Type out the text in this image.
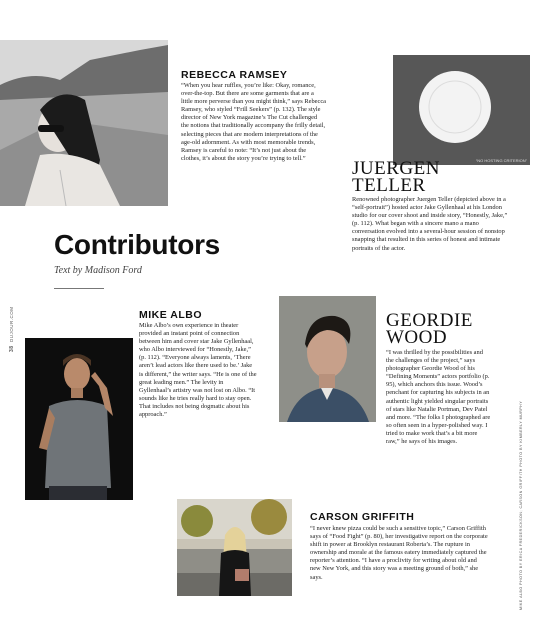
REBECCA RAMSEY
“When you hear ruffles, you’re like: Okay, romance, over-the-top. But there are some garments that are a little more perverse than you might think,” says Rebecca Ramsey, who styled “Frill Seekers” (p. 132). The style director of New York magazine’s The Cut challenged the notions that traditionally accompany the frilly detail, selecting pieces that are modern interpretations of the age-old adornment. As with most memorable trends, Ramsey is careful to note: “It’s not just about the clothes, it’s about the story you’re trying to tell.”	“NO HOSTING CRITERION”
JUERGEN TELLER
Renowned photographer Juergen Teller (depicted above in a “self-portrait”) hosted actor Jake Gyllenhaal at his London studio for our cover shoot and inside story, “Honestly, Jake,” (p. 112). What began with a sincere mano a mano conversation evolved into a several-hour session of nonstop snapping that resulted in this series of honest and intimate portraits of the actor.
Contributors
Text by Madison Ford
38
DUJOUR.COM	MIKE ALBO
Mike Albo’s own experience in theater provided an instant point of connection between him and cover star Jake Gyllenhaal, who Albo interviewed for “Honestly, Jake,” (p. 112). “Everyone always laments, ‘There aren’t lead actors like there used to be.’ Jake is different,” the writer says. “He is one of the great leading men.” The levity in Gyllenhaal’s artistry was not lost on Albo. “It sounds like he tries really hard to stay open. That includes not being dogmatic about his approach.”
GEORDIE WOOD
“I was thrilled by the possibilities and the challenges of the project,” says photographer Geordie Wood of his “Defining Moments” actors portfolio (p. 95), which anchors this issue. Wood’s penchant for capturing his subjects in an authentic light yielded singular portraits of stars like Natalie Portman, Dev Patel and more. “The folks I photographed are so often seen in a hyper-polished way. I tried to make work that’s a bit more raw,” he says of his images.
CARSON GRIFFITH
“I never knew pizza could be such a sensitive topic,” Carson Griffith says of “Food Fight” (p. 80), her investigative report on the corporate shift in power at Brooklyn restaurant Roberta’s. The rupture in ownership and morale at the famous eatery immediately captured the reporter’s attention. “I have a proclivity for writing about old and new New York, and this story was a meeting ground of both,” she says.	MIKE ALBO PHOTO BY ERICA FREDERICKSON; CARSON GRIFFITH PHOTO BY KIMBERLY MURPHY
